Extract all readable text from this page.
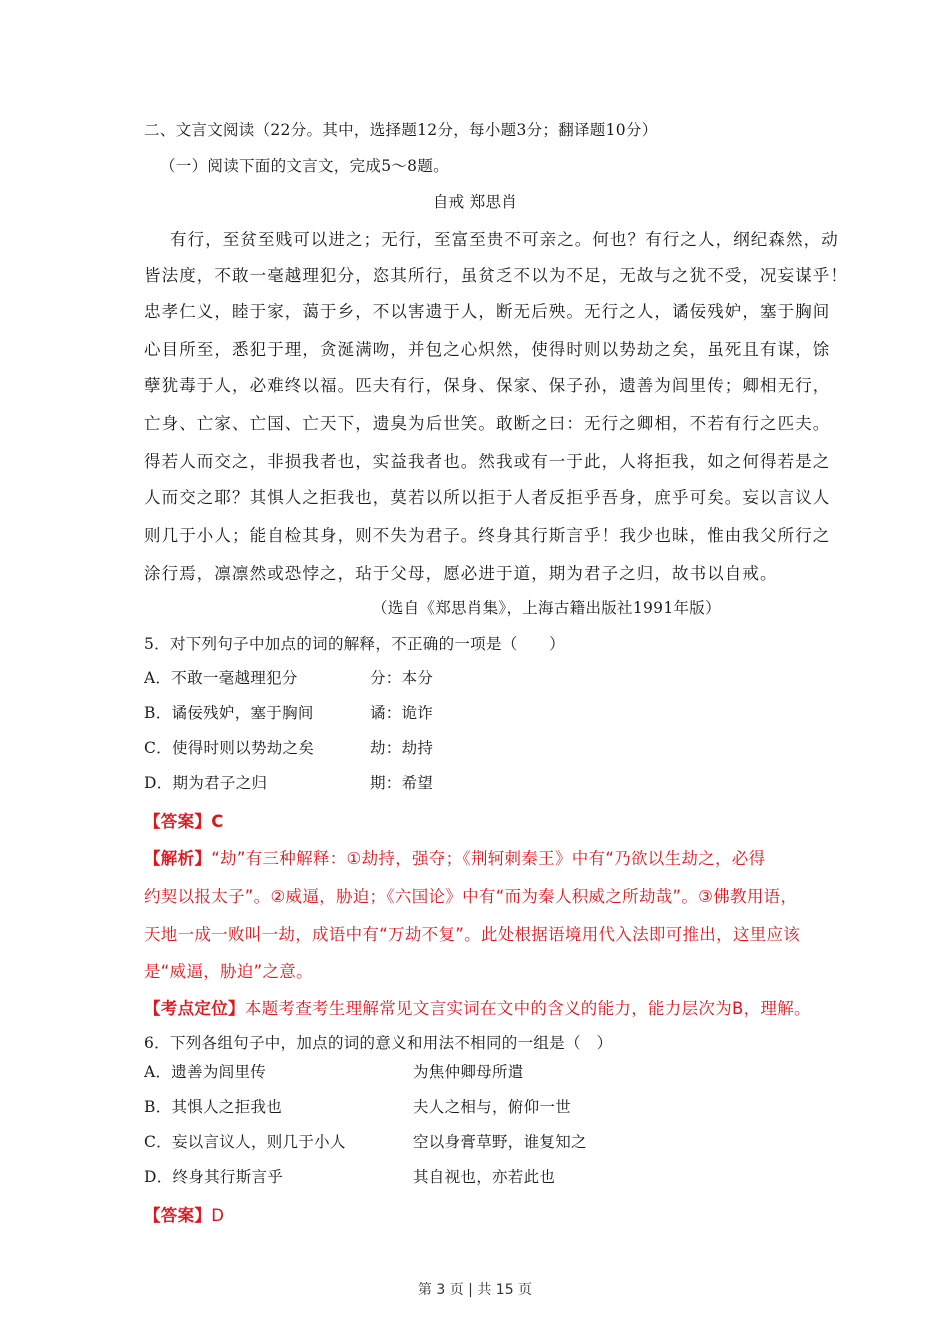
二、文言文阅读（22分。其中，选择题12分，每小题3分；翻译题10分）
（一）阅读下面的文言文，完成5～8题。
自戒 郑思肖
有行，至贫至贱可以进之；无行，至富至贵不可亲之。何也？有行之人，纲纪森然，动
皆法度，不敢一毫越理犯分，恣其所行，虽贫乏不以为不足，无故与之犹不受，况妄谋乎！
忠孝仁义，睦于家，蔼于乡，不以害遗于人，断无后殃。无行之人，谲佞残妒，塞于胸间
心目所至，悉犯于理，贪涎满吻，并包之心炽然，使得时则以势劫之矣，虽死且有谋，馀
孽犹毒于人，必难终以福。匹夫有行，保身、保家、保子孙，遗善为闾里传；卿相无行，
亡身、亡家、亡国、亡天下，遗臭为后世笑。敢断之曰：无行之卿相，不若有行之匹夫。
得若人而交之，非损我者也，实益我者也。然我或有一于此，人将拒我，如之何得若是之
人而交之耶？其惧人之拒我也，莫若以所以拒于人者反拒乎吾身，庶乎可矣。妄以言议人
则几于小人；能自检其身，则不失为君子。终身其行斯言乎！我少也昧，惟由我父所行之
涂行焉，凛凛然或恐悖之，玷于父母，愿必进于道，期为君子之归，故书以自戒。
（选自《郑思肖集》，上海古籍出版社1991年版）
5．对下列句子中加点的词的解释，不正确的一项是（　　）
A．不敢一毫越理犯分	分：本分
B．谲佞残妒，塞于胸间	谲：诡诈
C．使得时则以势劫之矣	劫：劫持
D．期为君子之归	期：希望
【答案】C
【解析】“劫”有三种解释：①劫持，强夺；《荆轲刺秦王》中有“乃欲以生劫之，必得
约契以报太子”。②威逼，胁迫；《六国论》中有“而为秦人积威之所劫哉”。③佛教用语，
天地一成一败叫一劫，成语中有“万劫不复”。此处根据语境用代入法即可推出，这里应该
是“威逼，胁迫”之意。
【考点定位】本题考查考生理解常见文言实词在文中的含义的能力，能力层次为B，理解。
6．下列各组句子中，加点的词的意义和用法不相同的一组是（　）
A．遗善为闾里传	为焦仲卿母所遣
B．其惧人之拒我也	夫人之相与，俯仰一世
C．妄以言议人，则几于小人	空以身膏草野，谁复知之
D．终身其行斯言乎	其自视也，亦若此也
【答案】D
第 3 页 | 共 15 页
